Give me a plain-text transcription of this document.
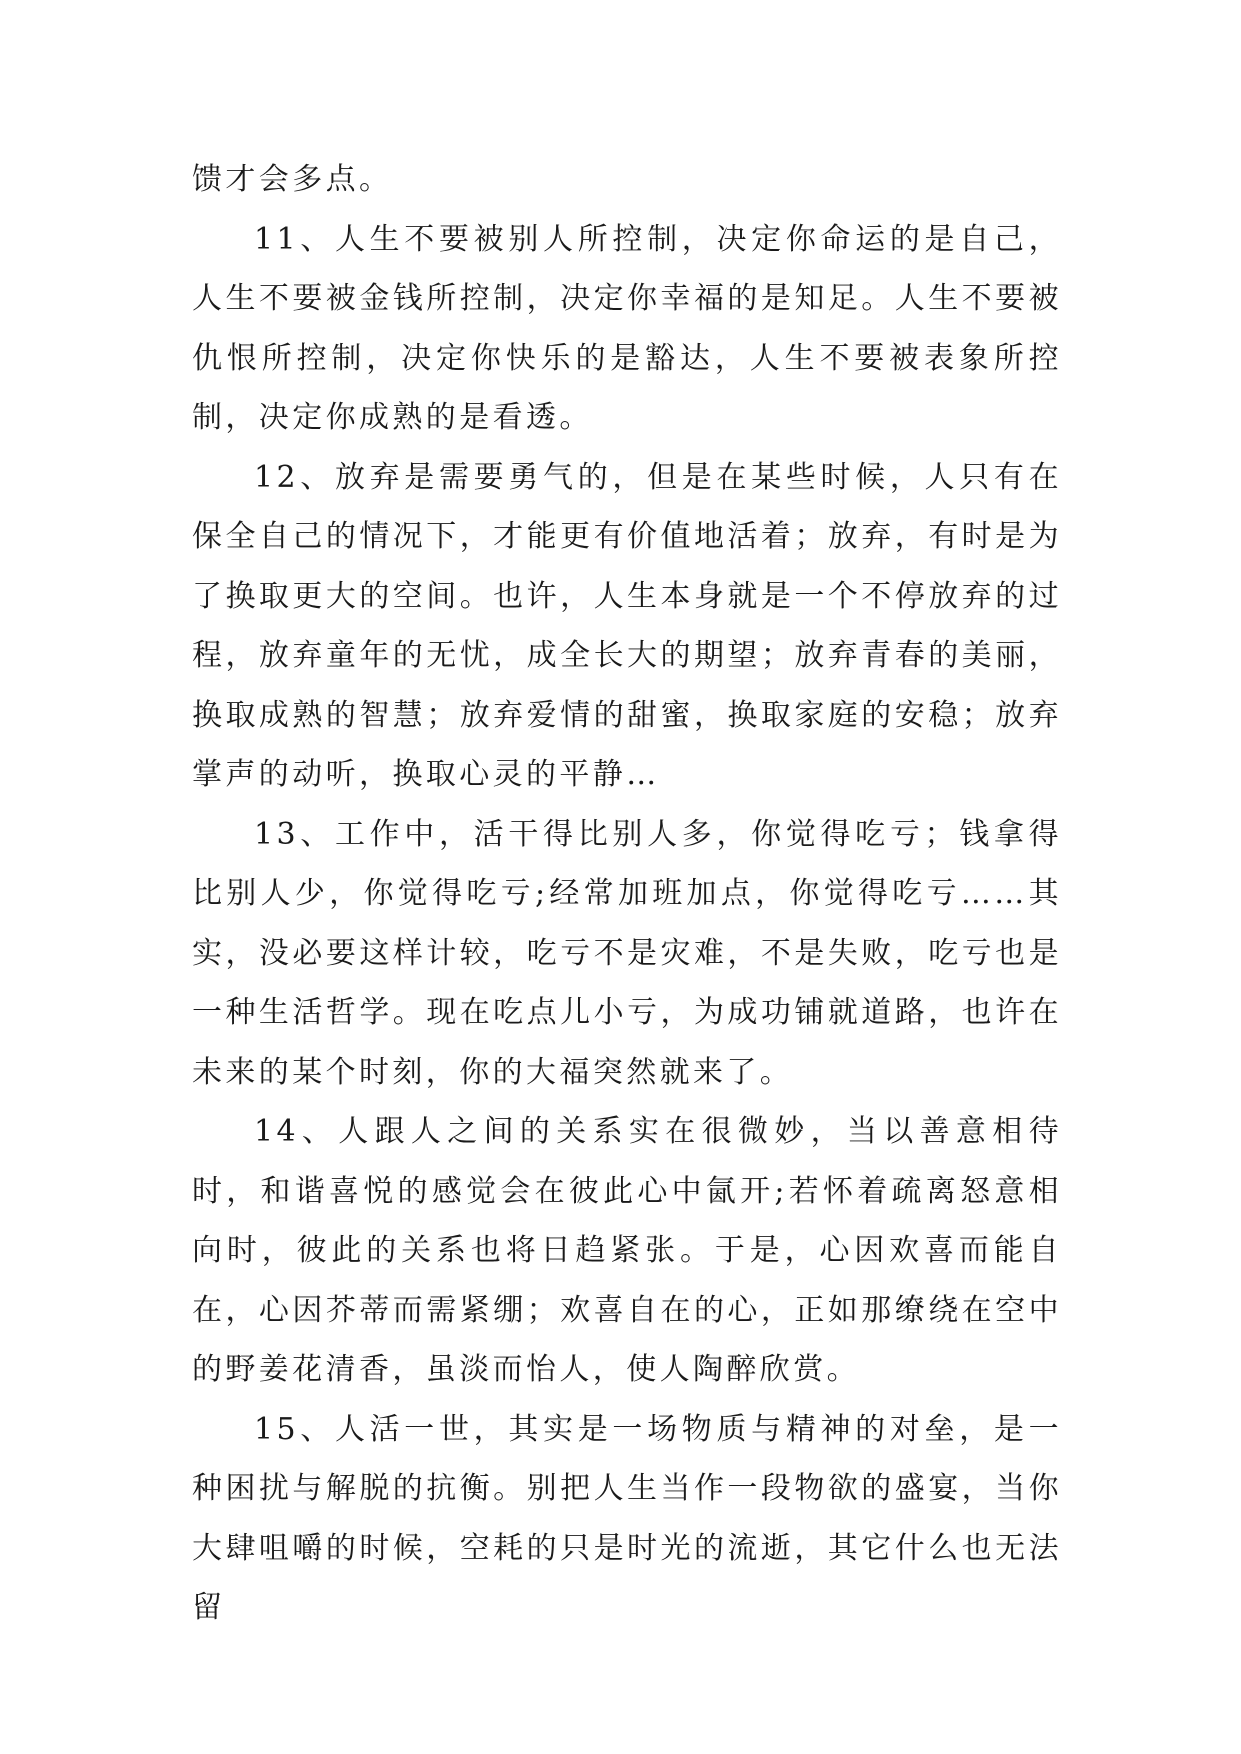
馈才会多点。

11、人生不要被别人所控制，决定你命运的是自己，人生不要被金钱所控制，决定你幸福的是知足。人生不要被仇恨所控制，决定你快乐的是豁达，人生不要被表象所控制，决定你成熟的是看透。

12、放弃是需要勇气的，但是在某些时候，人只有在保全自己的情况下，才能更有价值地活着；放弃，有时是为了换取更大的空间。也许，人生本身就是一个不停放弃的过程，放弃童年的无忧，成全长大的期望；放弃青春的美丽，换取成熟的智慧；放弃爱情的甜蜜，换取家庭的安稳；放弃掌声的动听，换取心灵的平静…

13、工作中，活干得比别人多，你觉得吃亏；钱拿得比别人少，你觉得吃亏;经常加班加点，你觉得吃亏……其实，没必要这样计较，吃亏不是灾难，不是失败，吃亏也是一种生活哲学。现在吃点儿小亏，为成功铺就道路，也许在未来的某个时刻，你的大福突然就来了。

14、人跟人之间的关系实在很微妙，当以善意相待时，和谐喜悦的感觉会在彼此心中氤开;若怀着疏离怒意相向时，彼此的关系也将日趋紧张。于是，心因欢喜而能自在，心因芥蒂而需紧绷；欢喜自在的心，正如那缭绕在空中的野姜花清香，虽淡而怡人，使人陶醉欣赏。

15、人活一世，其实是一场物质与精神的对垒，是一种困扰与解脱的抗衡。别把人生当作一段物欲的盛宴，当你大肆咀嚼的时候，空耗的只是时光的流逝，其它什么也无法留
